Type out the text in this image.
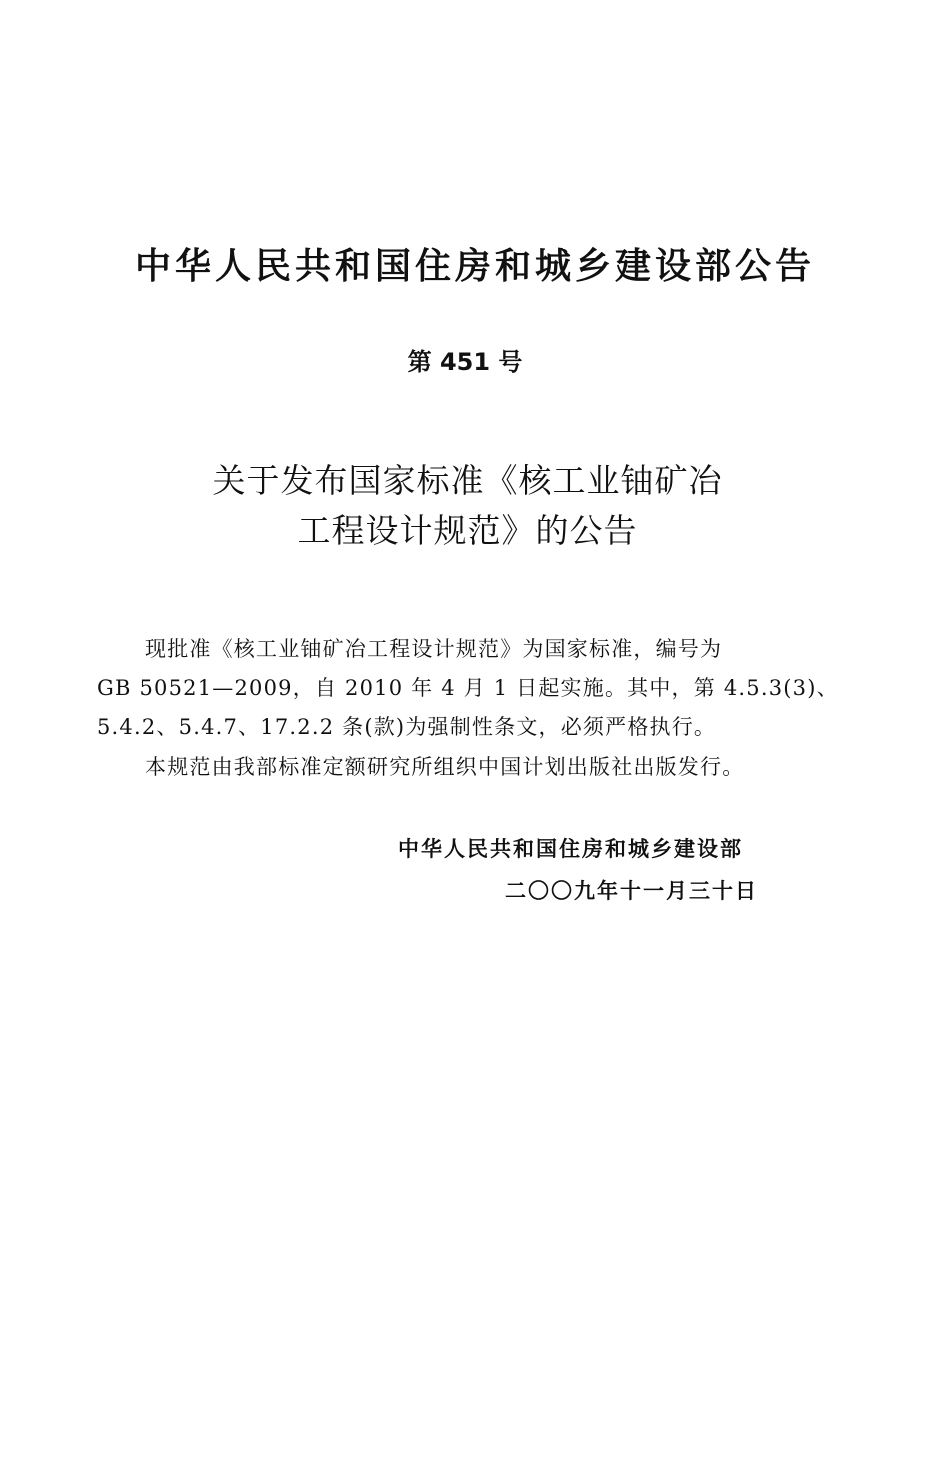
中华人民共和国住房和城乡建设部公告
第 451 号
关于发布国家标准《核工业铀矿冶
工程设计规范》的公告
现批准《核工业铀矿冶工程设计规范》为国家标准，编号为
GB 50521—2009，自 2010 年 4 月 1 日起实施。其中，第 4.5.3(3)、
5.4.2、5.4.7、17.2.2 条(款)为强制性条文，必须严格执行。
本规范由我部标准定额研究所组织中国计划出版社出版发行。
中华人民共和国住房和城乡建设部
二〇〇九年十一月三十日
